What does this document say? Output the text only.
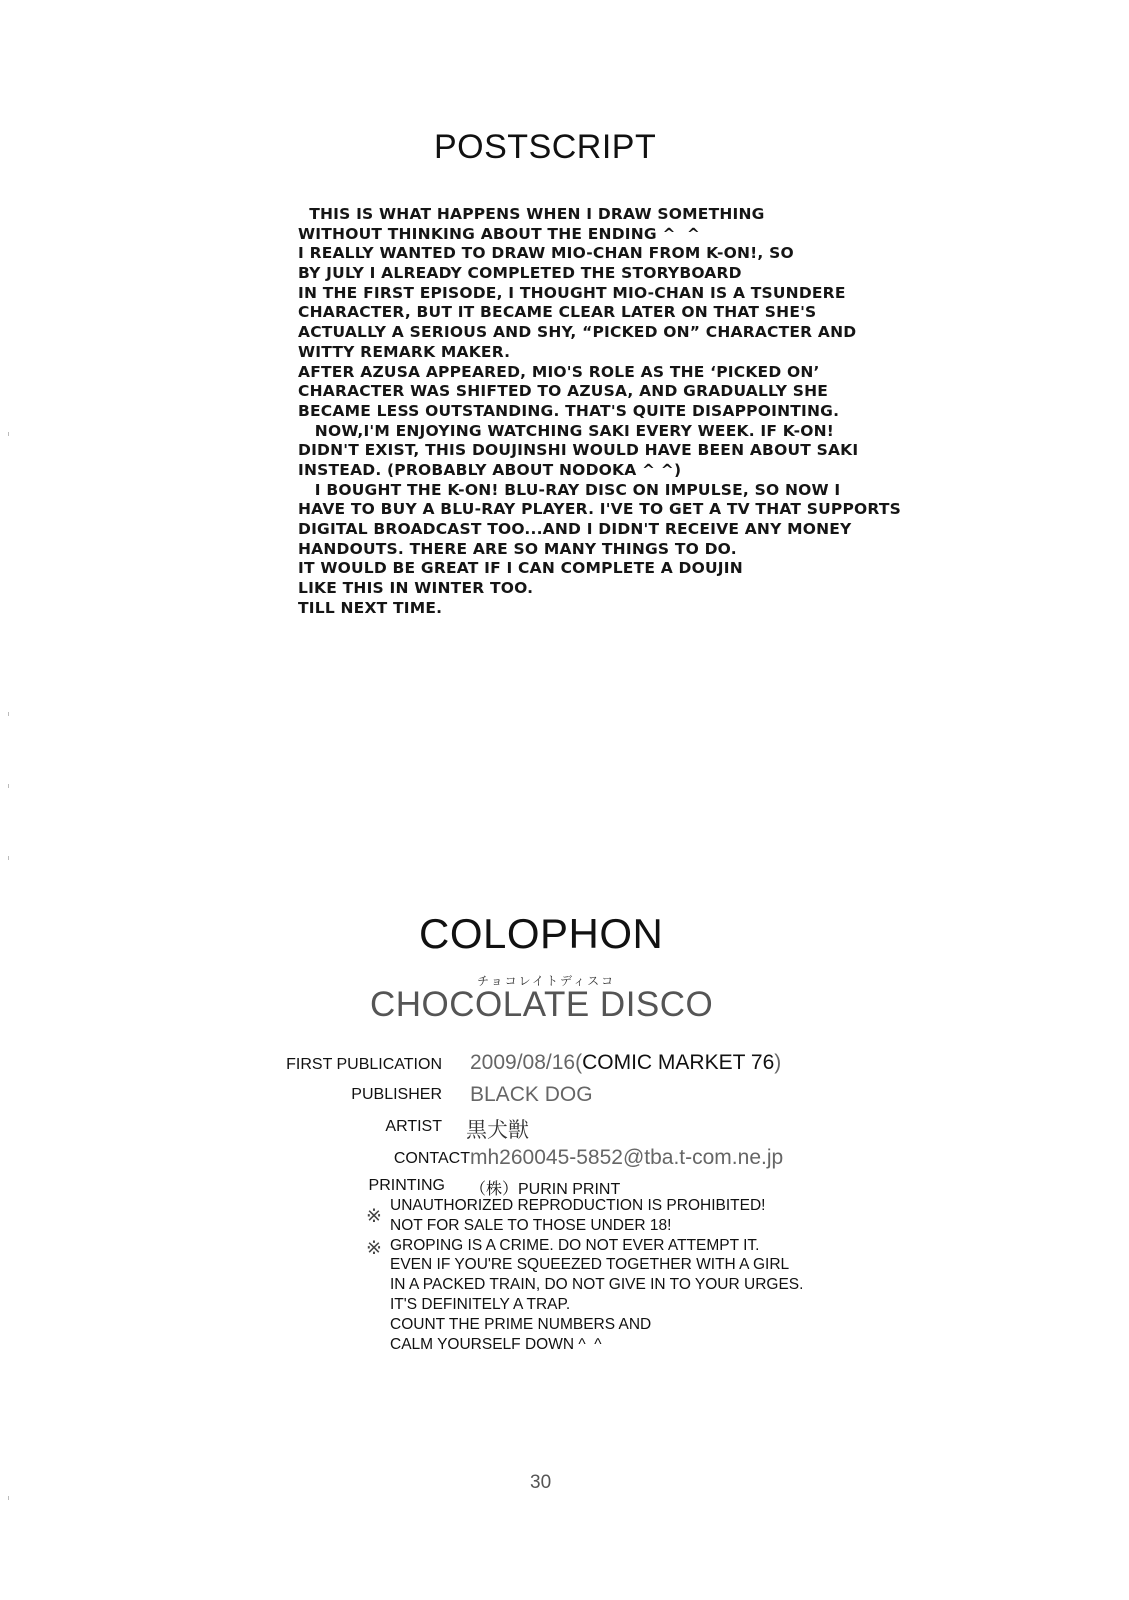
POSTSCRIPT
THIS IS WHAT HAPPENS WHEN I DRAW SOMETHING
WITHOUT THINKING ABOUT THE ENDING ^  ^
I REALLY WANTED TO DRAW MIO-CHAN FROM K-ON!, SO
BY JULY I ALREADY COMPLETED THE STORYBOARD
IN THE FIRST EPISODE, I THOUGHT MIO-CHAN IS A TSUNDERE
CHARACTER, BUT IT BECAME CLEAR LATER ON THAT SHE'S
ACTUALLY A SERIOUS AND SHY, “PICKED ON” CHARACTER AND
WITTY REMARK MAKER.
AFTER AZUSA APPEARED, MIO'S ROLE AS THE ‘PICKED ON’
CHARACTER WAS SHIFTED TO AZUSA, AND GRADUALLY SHE
BECAME LESS OUTSTANDING. THAT'S QUITE DISAPPOINTING.
NOW,I'M ENJOYING WATCHING SAKI EVERY WEEK. IF K-ON!
DIDN'T EXIST, THIS DOUJINSHI WOULD HAVE BEEN ABOUT SAKI
INSTEAD. (PROBABLY ABOUT NODOKA ^ ^)
I BOUGHT THE K-ON! BLU-RAY DISC ON IMPULSE, SO NOW I
HAVE TO BUY A BLU-RAY PLAYER. I'VE TO GET A TV THAT SUPPORTS
DIGITAL BROADCAST TOO...AND I DIDN'T RECEIVE ANY MONEY
HANDOUTS. THERE ARE SO MANY THINGS TO DO.
IT WOULD BE GREAT IF I CAN COMPLETE A DOUJIN
LIKE THIS IN WINTER TOO.
TILL NEXT TIME.
COLOPHON
チョコレイトディスコ
CHOCOLATE DISCO
FIRST PUBLICATION 2009/08/16(COMIC MARKET 76)
PUBLISHER BLACK DOG
ARTIST 黒犬獣
CONTACT mh260045-5852@tba.t-com.ne.jp
PRINTING （株）PURIN PRINT
※
※
UNAUTHORIZED REPRODUCTION IS PROHIBITED!
NOT FOR SALE TO THOSE UNDER 18!
GROPING IS A CRIME. DO NOT EVER ATTEMPT IT.
EVEN IF YOU'RE SQUEEZED TOGETHER WITH A GIRL
IN A PACKED TRAIN, DO NOT GIVE IN TO YOUR URGES.
IT'S DEFINITELY A TRAP.
COUNT THE PRIME NUMBERS AND
CALM YOURSELF DOWN ^  ^
30
